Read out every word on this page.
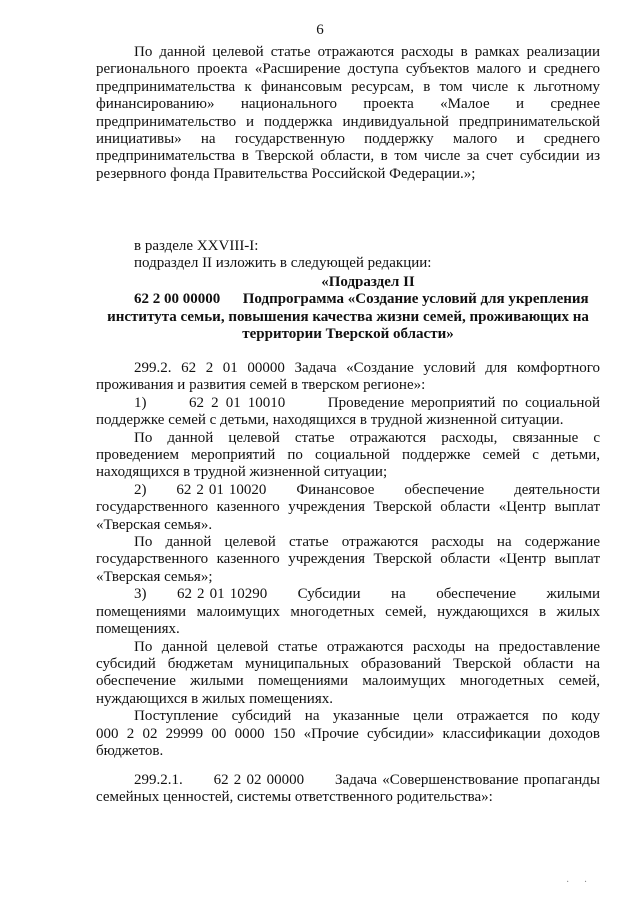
6
По данной целевой статье отражаются расходы в рамках реализации
регионального проекта «Расширение доступа субъектов малого и среднего
предпринимательства к финансовым ресурсам, в том числе к льготному
финансированию» национального проекта «Малое и среднее
предпринимательство и поддержка индивидуальной предпринимательской
инициативы» на государственную поддержку малого и среднего
предпринимательства в Тверской области, в том числе за счет субсидии из
резервного фонда Правительства Российской Федерации.»;
в разделе XXVIII-I:
подраздел II изложить в следующей редакции:
«Подраздел II
62 2 00 00000      Подпрограмма «Создание условий для укрепления
института семьи, повышения качества жизни семей, проживающих на
территории Тверской области»
299.2. 62 2 01 00000 Задача «Создание условий для комфортного
проживания и развития семей в тверском регионе»:
1)      62 2 01 10010      Проведение мероприятий по социальной
поддержке семей с детьми, находящихся в трудной жизненной ситуации.
По данной целевой статье отражаются расходы, связанные с
проведением мероприятий по социальной поддержке семей с детьми,
находящихся в трудной жизненной ситуации;
2)      62 2 01 10020      Финансовое      обеспечение      деятельности
государственного казенного учреждения Тверской области «Центр выплат
«Тверская семья».
По данной целевой статье отражаются расходы на содержание
государственного казенного учреждения Тверской области «Центр выплат
«Тверская семья»;
3)      62 2 01 10290      Субсидии      на      обеспечение      жилыми
помещениями малоимущих многодетных семей, нуждающихся в жилых
помещениях.
По данной целевой статье отражаются расходы на предоставление
субсидий бюджетам муниципальных образований Тверской области на
обеспечение жилыми помещениями малоимущих многодетных семей,
нуждающихся в жилых помещениях.
Поступление субсидий на указанные цели отражается по коду
000 2 02 29999 00 0000 150 «Прочие субсидии» классификации доходов
бюджетов.
299.2.1.      62 2 02 00000      Задача «Совершенствование пропаганды
семейных ценностей, системы ответственного родительства»:
· ·
